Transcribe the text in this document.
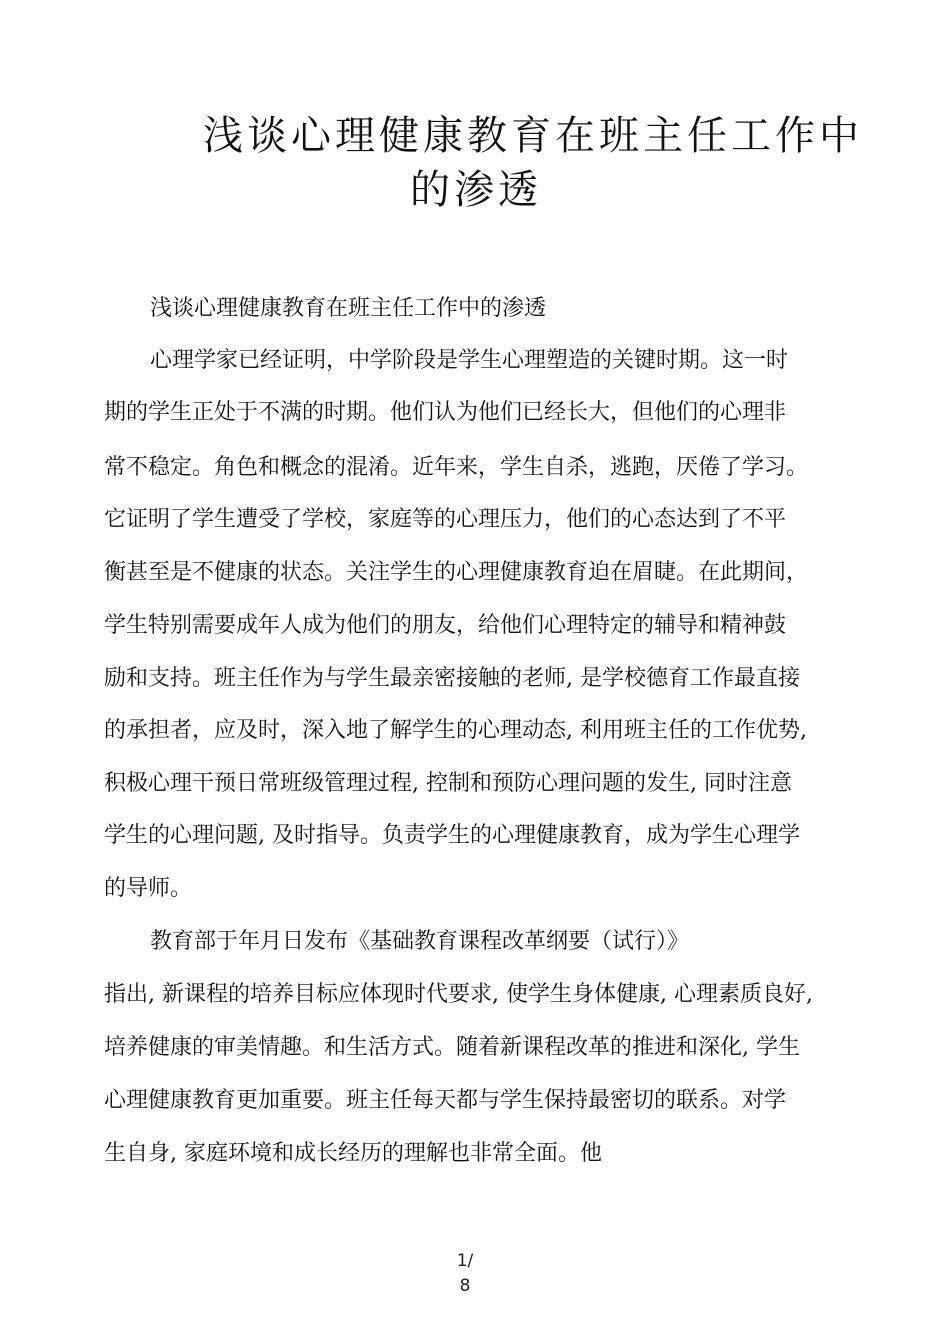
浅谈心理健康教育在班主任工作中
的渗透
浅谈心理健康教育在班主任工作中的渗透
心理学家已经证明，中学阶段是学生心理塑造的关键时期。这一时
期的学生正处于不满的时期。他们认为他们已经长大，但他们的心理非
常不稳定。角色和概念的混淆。近年来，学生自杀，逃跑，厌倦了学习。
它证明了学生遭受了学校，家庭等的心理压力，他们的心态达到了不平
衡甚至是不健康的状态。关注学生的心理健康教育迫在眉睫。在此期间，
学生特别需要成年人成为他们的朋友，给他们心理特定的辅导和精神鼓
励和支持。班主任作为与学生最亲密接触的老师, 是学校德育工作最直接
的承担者，应及时，深入地了解学生的心理动态, 利用班主任的工作优势,
积极心理干预日常班级管理过程, 控制和预防心理问题的发生, 同时注意
学生的心理问题, 及时指导。负责学生的心理健康教育，成为学生心理学
的导师。
教育部于年月日发布《基础教育课程改革纲要（试行）》
指出, 新课程的培养目标应体现时代要求, 使学生身体健康, 心理素质良好,
培养健康的审美情趣。和生活方式。随着新课程改革的推进和深化, 学生
心理健康教育更加重要。班主任每天都与学生保持最密切的联系。对学
生自身, 家庭环境和成长经历的理解也非常全面。他
1/
8
